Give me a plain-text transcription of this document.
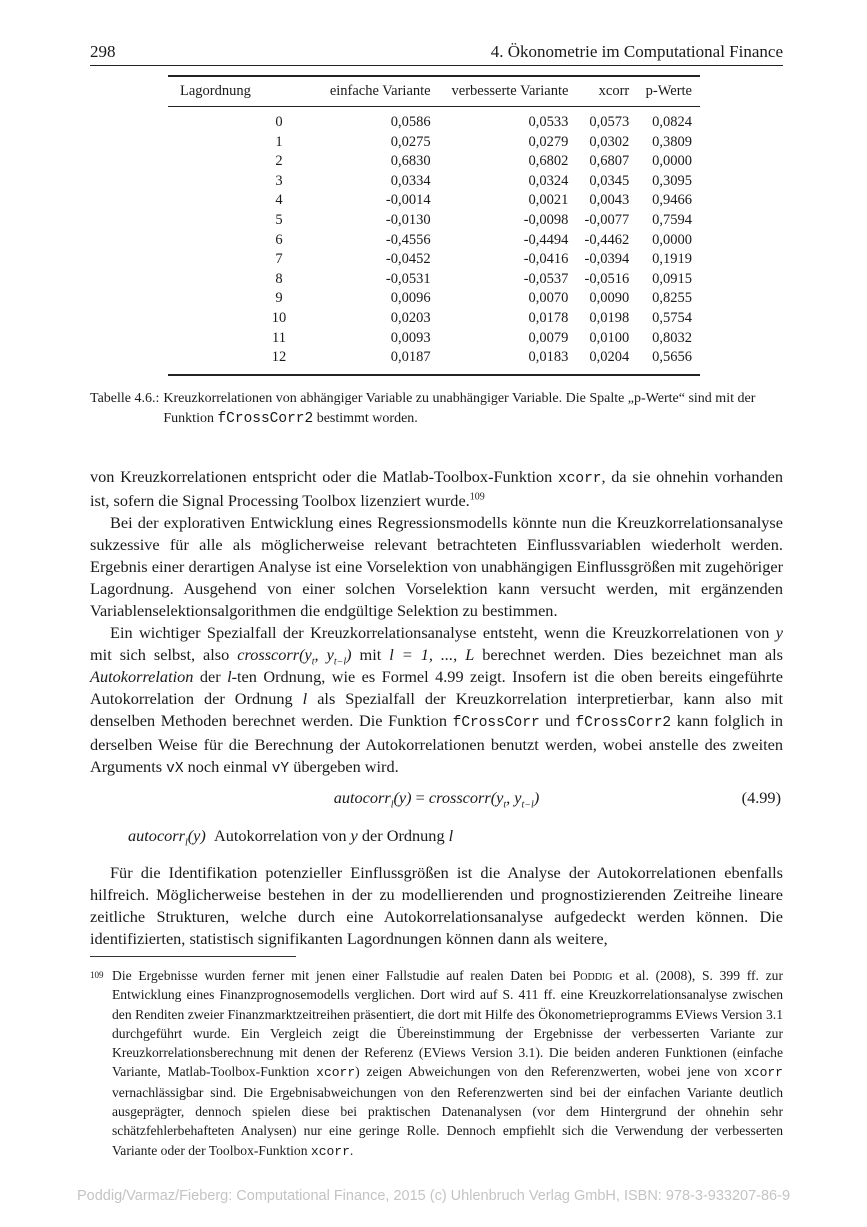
298	4. Ökonometrie im Computational Finance
Lagordnung	einfache Variante	verbesserte Variante	xcorr	p-Werte
0	0,0586	0,0533	0,0573	0,0824
1	0,0275	0,0279	0,0302	0,3809
2	0,6830	0,6802	0,6807	0,0000
3	0,0334	0,0324	0,0345	0,3095
4	-0,0014	0,0021	0,0043	0,9466
5	-0,0130	-0,0098	-0,0077	0,7594
6	-0,4556	-0,4494	-0,4462	0,0000
7	-0,0452	-0,0416	-0,0394	0,1919
8	-0,0531	-0,0537	-0,0516	0,0915
9	0,0096	0,0070	0,0090	0,8255
10	0,0203	0,0178	0,0198	0,5754
11	0,0093	0,0079	0,0100	0,8032
12	0,0187	0,0183	0,0204	0,5656
Tabelle 4.6.: Kreuzkorrelationen von abhängiger Variable zu unabhängiger Variable. Die Spalte „p-Werte“ sind mit der Funktion fCrossCorr2 bestimmt worden.

von Kreuzkorrelationen entspricht oder die Matlab-Toolbox-Funktion xcorr, da sie ohnehin vorhanden ist, sofern die Signal Processing Toolbox lizenziert wurde.$^{109}$

Bei der explorativen Entwicklung eines Regressionsmodells könnte nun die Kreuzkorrelationsanalyse sukzessive für alle als möglicherweise relevant betrachteten Einflussvariablen wiederholt werden. Ergebnis einer derartigen Analyse ist eine Vorselektion von unabhängigen Einflussgrößen mit zugehöriger Lagordnung. Ausgehend von einer solchen Vorselektion kann versucht werden, mit ergänzenden Variablenselektionsalgorithmen die endgültige Selektion zu bestimmen.

Ein wichtiger Spezialfall der Kreuzkorrelationsanalyse entsteht, wenn die Kreuzkorrelationen von y mit sich selbst, also $crosscorr(y_t$, $y_{t-l}$) mit l = 1, ..., L berechnet werden. Dies bezeichnet man als Autokorrelation der l-ten Ordnung, wie es Formel 4.99 zeigt. Insofern ist die oben bereits eingeführte Autokorrelation der Ordnung l als Spezialfall der Kreuzkorrelation interpretierbar, kann also mit denselben Methoden berechnet werden. Die Funktion fCrossCorr und fCrossCorr2 kann folglich in derselben Weise für die Berechnung der Autokorrelationen benutzt werden, wobei anstelle des zweiten Arguments vX noch einmal vY übergeben wird.

autocorr$_l$(y) = $crosscorr(y_t$, $y_{t-l}$)	(4.99)
autocorr$_l$(y) Autokorrelation von y der Ordnung l

Für die Identifikation potenzieller Einflussgrößen ist die Analyse der Autokorrelationen ebenfalls hilfreich. Möglicherweise bestehen in der zu modellierenden und prognostizierenden Zeitreihe lineare zeitliche Strukturen, welche durch eine Autokorrelationsanalyse aufgedeckt werden können. Die identifizierten, statistisch signifikanten Lagordnungen können dann als weitere,

109 Die Ergebnisse wurden ferner mit jenen einer Fallstudie auf realen Daten bei Poddig et al. (2008), S. 399 ff. zur Entwicklung eines Finanzprognosemodells verglichen. Dort wird auf S. 411 ff. eine Kreuzkorrelationsanalyse zwischen den Renditen zweier Finanzmarktzeitreihen präsentiert, die dort mit Hilfe des Ökonometrieprogramms EViews Version 3.1 durchgeführt wurde. Ein Vergleich zeigt die Übereinstimmung der Ergebnisse der verbesserten Variante zur Kreuzkorrelationsberechnung mit denen der Referenz (EViews Version 3.1). Die beiden anderen Funktionen (einfache Variante, Matlab-Toolbox-Funktion xcorr) zeigen Abweichungen von den Referenzwerten, wobei jene von xcorr vernachlässigbar sind. Die Ergebnisabweichungen von den Referenzwerten sind bei der einfachen Variante deutlich ausgeprägter, dennoch spielen diese bei praktischen Datenanalysen (vor dem Hintergrund der ohnehin sehr schätzfehlerbehafteten Analysen) nur eine geringe Rolle. Dennoch empfiehlt sich die Verwendung der verbesserten Variante oder der Toolbox-Funktion xcorr.
Poddig/Varmaz/Fieberg: Computational Finance, 2015 (c) Uhlenbruch Verlag GmbH, ISBN: 978-3-933207-86-9
